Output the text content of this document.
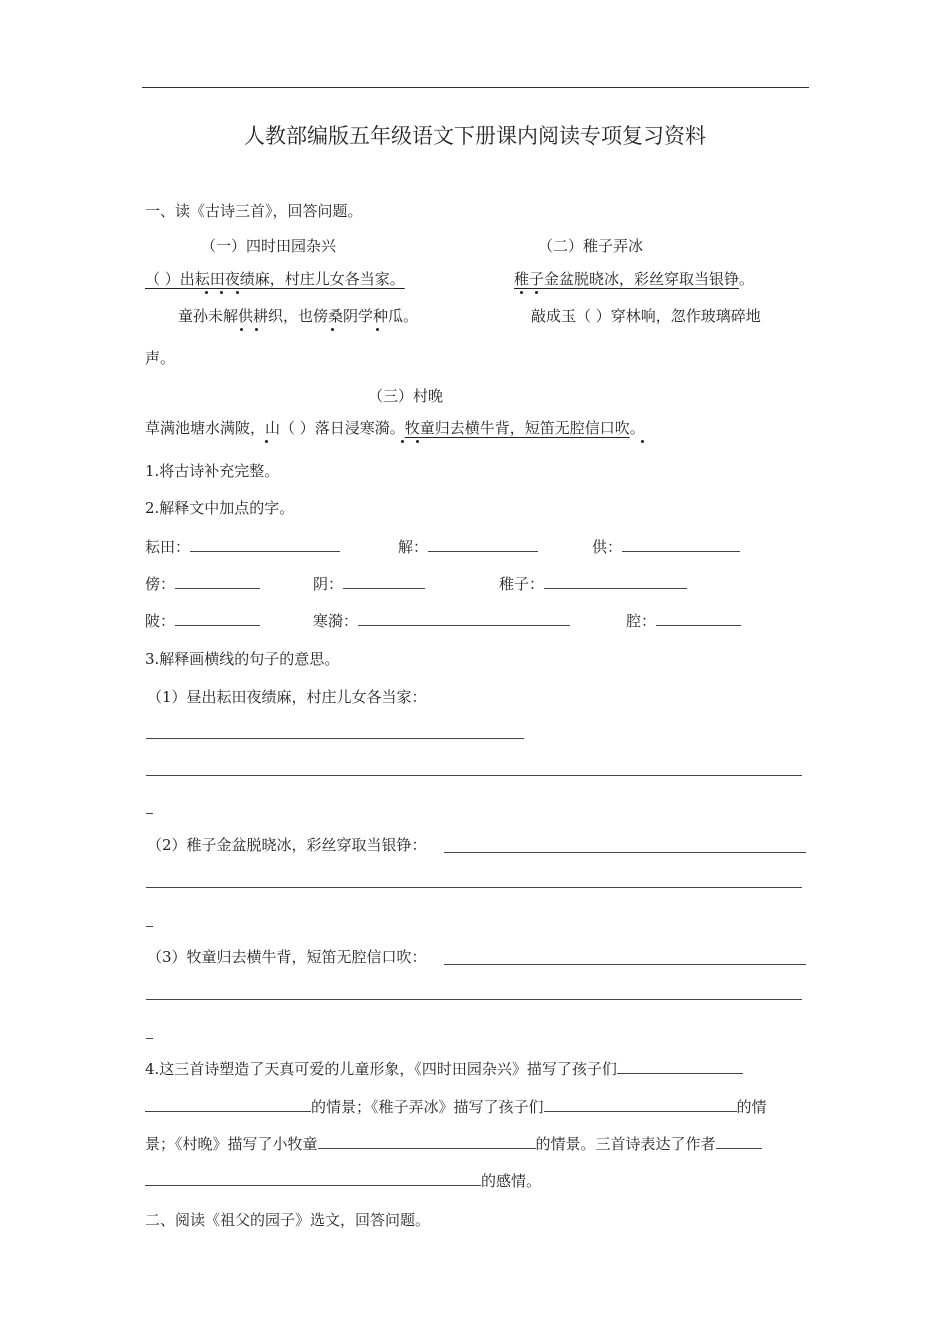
人教部编版五年级语文下册课内阅读专项复习资料
一、读《古诗三首》，回答问题。
（一）四时田园杂兴	（二）稚子弄冰
（ ）出耘田夜绩麻，村庄儿女各当家。	稚子金盆脱晓冰，彩丝穿取当银铮。
童孙未解供耕织，也傍桑阴学种瓜。	敲成玉（ ）穿林响，忽作玻璃碎地
声。
（三）村晚
草满池塘水满陂，山（ ）落日浸寒漪。牧童归去横牛背，短笛无腔信口吹。
1.将古诗补充完整。
2.解释文中加点的字。
耘田：	解：	供：
傍：	阴：	稚子：
陂：	寒漪：	腔：
3.解释画横线的句子的意思。
（1）昼出耘田夜绩麻，村庄儿女各当家：
（2）稚子金盆脱晓冰，彩丝穿取当银铮：
（3）牧童归去横牛背，短笛无腔信口吹：
4.这三首诗塑造了天真可爱的儿童形象，《四时田园杂兴》描写了孩子们
的情景；《稚子弄冰》描写了孩子们	的情
景；《村晚》描写了小牧童	的情景。三首诗表达了作者
的感情。
二、阅读《祖父的园子》选文，回答问题。
